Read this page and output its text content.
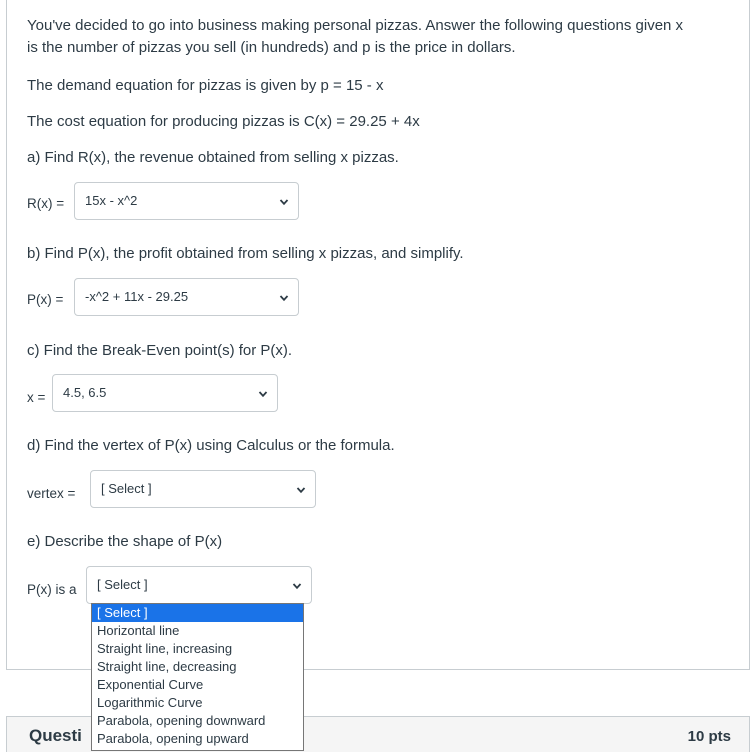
You've decided to go into business making personal pizzas. Answer the following questions given x
is the number of pizzas you sell (in hundreds) and p is the price in dollars.
The demand equation for pizzas is given by p = 15 - x
The cost equation for producing pizzas is C(x) = 29.25 + 4x
a) Find R(x), the revenue obtained from selling x pizzas.
R(x) =	15x - x^2
b) Find P(x), the profit obtained from selling x pizzas, and simplify.
P(x) =	-x^2 + 11x - 29.25
c) Find the Break-Even point(s) for P(x).
x =	4.5, 6.5
d) Find the vertex of P(x) using Calculus or the formula.
vertex =	[ Select ]
e) Describe the shape of P(x)
P(x) is a	[ Select ]
Questi	10 pts
[ Select ]
Horizontal line
Straight line, increasing
Straight line, decreasing
Exponential Curve
Logarithmic Curve
Parabola, opening downward
Parabola, opening upward
